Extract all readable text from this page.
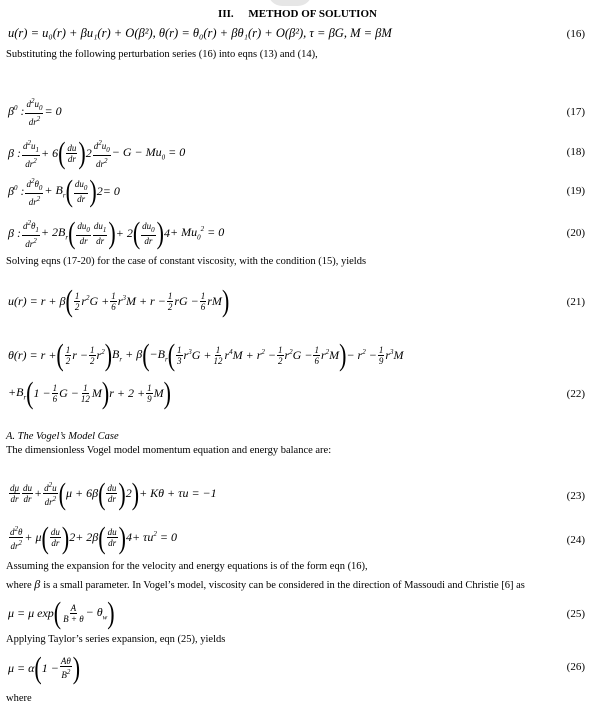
III. METHOD OF SOLUTION
u(r) = u₀(r) + βu₁(r) + O(β²), θ(r) = θ₀(r) + βθ₁(r) + O(β²), τ = βG, M = βM	(16)
Substituting the following perturbation series (16) into eqns (13) and (14),
$\beta^0$ : $\frac{d^2u_0}{dr^2} = 0$	(17)
β : $d^2u_1$
$dr^2$
+ 6 ( du
dr ) 2 $d^2u_0$
$dr^2$
− $G - Mu_0 = 0$	(18)
$\beta^0$ : $d^2\theta_0$
$dr^2$
+ $B_r$ ( $du_0$
dr ) 2 = 0	(19)
β : $d^2\theta_1$
$dr^2$
+ $2B_r$ ( $du_0$
dr
$du_1$
dr ) + 2 ( $du_0$
dr ) $4 + Mu_0^2 = 0$	(20)
Solving eqns (17-20) for the case of constant viscosity, with the condition (15), yields
u(r) = r + β ( 1
2 $r^2G + \frac{1}{6} r^3M + r - \frac{1}{2}$ rG − $\frac{1}{6}$ rM )	(21)
θ(r) = r + ( 1
2 $r - \frac{1}{2} r^2$ ) $B_r + \beta$ ( $-B_r$ ( 1
3 $r^3G + \frac{1}{12} r^4M + r^2 - \frac{1}{2} r^2G - \frac{1}{6} r^2M$ ) − $r^2 - \frac{1}{9} r^3M$
$+B_r$ ( $1 - \frac{1}{6}$ $G - \frac{1}{12}$ M ) $r + 2 + \frac{1}{9}$ M )	(22)
A. The Vogel’s Model Case
The dimensionless Vogel model momentum equation and energy balance are:
dμ
dr
du
dr + $\frac{d^2u}{dr^2}$ ( μ + 6β ( du
dr ) 2 ) + Kθ + τu = −1	(23)
$d^2\theta$
$dr^2 + \mu$ ( du
dr ) 2 + 2β ( du
dr ) $4 + \tau u^2 = 0$	(24)
Assuming the expansion for the velocity and energy equations is of the form eqn (16),
where β is a small parameter. In Vogel’s model, viscosity can be considered in the direction of Massoudi and Christie [6] as
μ = μ exp ( A
$B + \theta - \theta_w$ )	(25)
Applying Taylor’s series expansion, eqn (25), yields
μ = α ( $1 - \frac{A\theta}{B^2}$ )	(26)
where
